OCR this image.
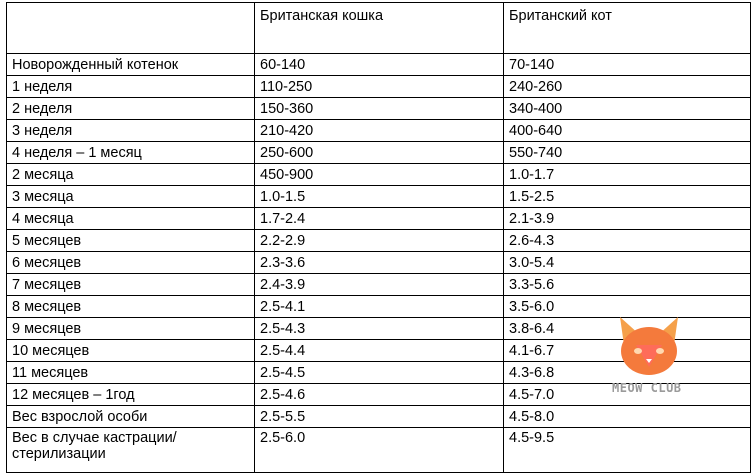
	Британская кошка	Британский кот
Новорожденный котенок	60-140	70-140
1 неделя	110-250	240-260
2 неделя	150-360	340-400
3 неделя	210-420	400-640
4 неделя – 1 месяц	250-600	550-740
2 месяца	450-900	1.0-1.7
3 месяца	1.0-1.5	1.5-2.5
4 месяца	1.7-2.4	2.1-3.9
5 месяцев	2.2-2.9	2.6-4.3
6 месяцев	2.3-3.6	3.0-5.4
7 месяцев	2.4-3.9	3.3-5.6
8 месяцев	2.5-4.1	3.5-6.0
9 месяцев	2.5-4.3	3.8-6.4
10 месяцев	2.5-4.4	4.1-6.7
11 месяцев	2.5-4.5	4.3-6.8
12 месяцев – 1год	2.5-4.6	4.5-7.0
Вес взрослой особи	2.5-5.5	4.5-8.0
Вес в случае кастрации/стерилизации	2.5-6.0	4.5-9.5
MEOW CLUB
